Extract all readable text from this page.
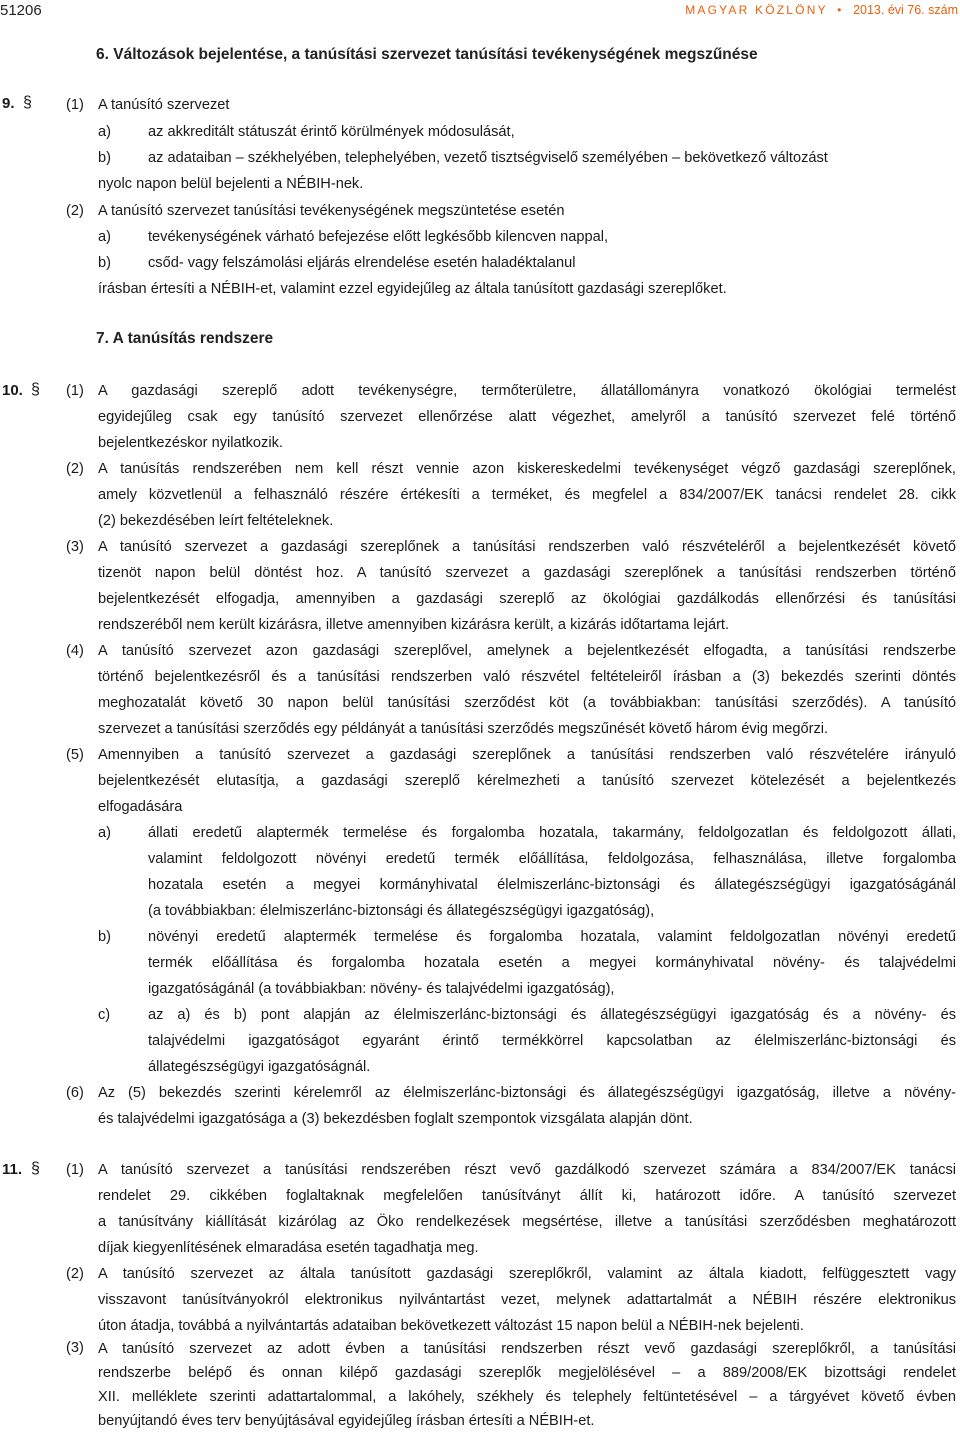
51206	MAGYAR KÖZLÖNY • 2013. évi 76. szám
6. Változások bejelentése, a tanúsítási szervezet tanúsítási tevékenységének megszűnése
9. § (1) A tanúsító szervezet
a)	az akkreditált státuszát érintő körülmények módosulását,
b)	az adataiban – székhelyében, telephelyében, vezető tisztségviselő személyében – bekövetkező változást
nyolc napon belül bejelenti a NÉBIH-nek.
(2) A tanúsító szervezet tanúsítási tevékenységének megszüntetése esetén
a)	tevékenységének várható befejezése előtt legkésőbb kilencven nappal,
b)	csőd- vagy felszámolási eljárás elrendelése esetén haladéktalanul
írásban értesíti a NÉBIH-et, valamint ezzel egyidejűleg az általa tanúsított gazdasági szereplőket.
7. A tanúsítás rendszere
10. § (1) A gazdasági szereplő adott tevékenységre, termőterületre, állatállományra vonatkozó ökológiai termelést
egyidejűleg csak egy tanúsító szervezet ellenőrzése alatt végezhet, amelyről a tanúsító szervezet felé történő
bejelentkezéskor nyilatkozik.
(2) A tanúsítás rendszerében nem kell részt vennie azon kiskereskedelmi tevékenységet végző gazdasági szereplőnek,
amely közvetlenül a felhasználó részére értékesíti a terméket, és megfelel a 834/2007/EK tanácsi rendelet 28. cikk
(2) bekezdésében leírt feltételeknek.
(3) A tanúsító szervezet a gazdasági szereplőnek a tanúsítási rendszerben való részvételéről a bejelentkezését követő
tizenöt napon belül döntést hoz. A tanúsító szervezet a gazdasági szereplőnek a tanúsítási rendszerben történő
bejelentkezését elfogadja, amennyiben a gazdasági szereplő az ökológiai gazdálkodás ellenőrzési és tanúsítási
rendszeréből nem került kizárásra, illetve amennyiben kizárásra került, a kizárás időtartama lejárt.
(4) A tanúsító szervezet azon gazdasági szereplővel, amelynek a bejelentkezését elfogadta, a tanúsítási rendszerbe
történő bejelentkezésről és a tanúsítási rendszerben való részvétel feltételeiről írásban a (3) bekezdés szerinti döntés
meghozatalát követő 30 napon belül tanúsítási szerződést köt (a továbbiakban: tanúsítási szerződés). A tanúsító
szervezet a tanúsítási szerződés egy példányát a tanúsítási szerződés megszűnését követő három évig megőrzi.
(5) Amennyiben a tanúsító szervezet a gazdasági szereplőnek a tanúsítási rendszerben való részvételére irányuló
bejelentkezését elutasítja, a gazdasági szereplő kérelmezheti a tanúsító szervezet kötelezését a bejelentkezés
elfogadására
a)	állati eredetű alaptermék termelése és forgalomba hozatala, takarmány, feldolgozatlan és feldolgozott állati,
valamint feldolgozott növényi eredetű termék előállítása, feldolgozása, felhasználása, illetve forgalomba
hozatala esetén a megyei kormányhivatal élelmiszerlánc-biztonsági és állategészségügyi igazgatóságánál
(a továbbiakban: élelmiszerlánc-biztonsági és állategészségügyi igazgatóság),
b)	növényi eredetű alaptermék termelése és forgalomba hozatala, valamint feldolgozatlan növényi eredetű
termék előállítása és forgalomba hozatala esetén a megyei kormányhivatal növény- és talajvédelmi
igazgatóságánál (a továbbiakban: növény- és talajvédelmi igazgatóság),
c)	az a) és b) pont alapján az élelmiszerlánc-biztonsági és állategészségügyi igazgatóság és a növény- és
talajvédelmi igazgatóságot egyaránt érintő termékkörrel kapcsolatban az élelmiszerlánc-biztonsági és
állategészségügyi igazgatóságnál.
(6) Az (5) bekezdés szerinti kérelemről az élelmiszerlánc-biztonsági és állategészségügyi igazgatóság, illetve a növény-
és talajvédelmi igazgatósága a (3) bekezdésben foglalt szempontok vizsgálata alapján dönt.
11. § (1) A tanúsító szervezet a tanúsítási rendszerében részt vevő gazdálkodó szervezet számára a 834/2007/EK tanácsi
rendelet 29. cikkében foglaltaknak megfelelően tanúsítványt állít ki, határozott időre. A tanúsító szervezet
a tanúsítvány kiállítását kizárólag az Öko rendelkezések megsértése, illetve a tanúsítási szerződésben meghatározott
díjak kiegyenlítésének elmaradása esetén tagadhatja meg.
(2) A tanúsító szervezet az általa tanúsított gazdasági szereplőkről, valamint az általa kiadott, felfüggesztett vagy
visszavont tanúsítványokról elektronikus nyilvántartást vezet, melynek adattartalmát a NÉBIH részére elektronikus
úton átadja, továbbá a nyilvántartás adataiban bekövetkezett változást 15 napon belül a NÉBIH-nek bejelenti.
(3) A tanúsító szervezet az adott évben a tanúsítási rendszerben részt vevő gazdasági szereplőkről, a tanúsítási
rendszerbe belépő és onnan kilépő gazdasági szereplők megjelölésével – a 889/2008/EK bizottsági rendelet
XII. melléklete szerinti adattartalommal, a lakóhely, székhely és telephely feltüntetésével – a tárgyévet követő évben
benyújtandó éves terv benyújtásával egyidejűleg írásban értesíti a NÉBIH-et.
